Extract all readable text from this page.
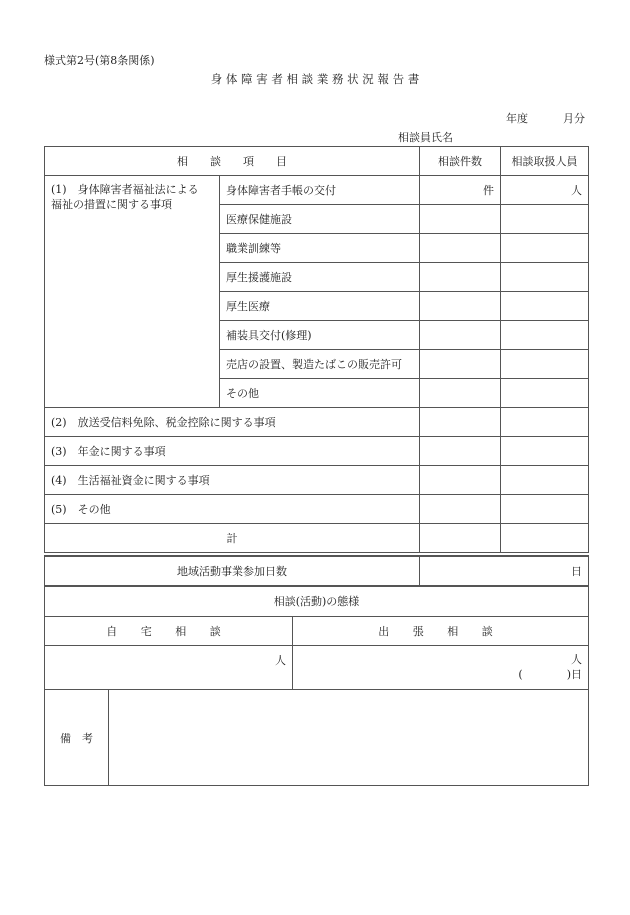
様式第2号(第8条関係)
身 体 障 害 者 相 談 業 務 状 況 報 告 書
年度	月分
相談員氏名
相　　談　　項　　目		相談件数	相談取扱人員
(1)　身体障害者福祉法による　福祉の措置に関する事項	身体障害者手帳の交付	件	人
	医療保健施設		
	職業訓練等		
	厚生援護施設		
	厚生医療		
	補装具交付(修理)		
	売店の設置、製造たばこの販売許可		
	その他		
(2)　放送受信料免除、税金控除に関する事項			
(3)　年金に関する事項			
(4)　生活福祉資金に関する事項			
(5)　その他			
計			
地域活動事業参加日数	日
相談(活動)の態様	
自 宅 相 談	出 張 相 談
人	人
(　　　　)日
備　考	
